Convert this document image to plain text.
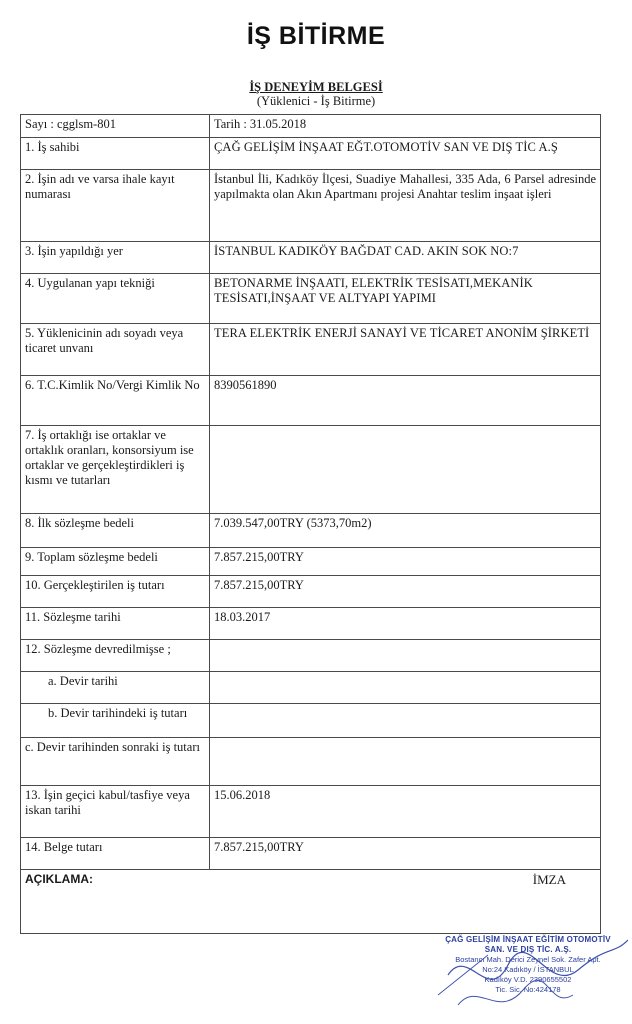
İŞ BİTİRME
İŞ DENEYİM BELGESİ
(Yüklenici - İş Bitirme)
Sayı : cgglsm-801	Tarih : 31.05.2018
1. İş sahibi	ÇAĞ GELİŞİM İNŞAAT EĞT.OTOMOTİV SAN VE DIŞ TİC A.Ş
2. İşin adı ve varsa ihale kayıt numarası	İstanbul İli, Kadıköy İlçesi, Suadiye Mahallesi, 335 Ada, 6 Parsel adresinde yapılmakta olan Akın Apartmanı projesi Anahtar teslim inşaat işleri
3. İşin yapıldığı yer	İSTANBUL KADIKÖY BAĞDAT CAD. AKIN SOK NO:7
4. Uygulanan yapı tekniği	BETONARME İNŞAATI, ELEKTRİK TESİSATI,MEKANİK TESİSATI,İNŞAAT VE ALTYAPI YAPIMI
5. Yüklenicinin adı soyadı veya ticaret unvanı	TERA ELEKTRİK ENERJİ SANAYİ VE TİCARET ANONİM ŞİRKETİ
6. T.C.Kimlik No/Vergi Kimlik No	8390561890
7. İş ortaklığı ise ortaklar ve ortaklık oranları, konsorsiyum ise ortaklar ve gerçekleştirdikleri iş kısmı ve tutarları	
8. İlk sözleşme bedeli	7.039.547,00TRY (5373,70m2)
9. Toplam sözleşme bedeli	7.857.215,00TRY
10. Gerçekleştirilen iş tutarı	7.857.215,00TRY
11. Sözleşme tarihi	18.03.2017
12. Sözleşme devredilmişse ;	
a. Devir tarihi	
b. Devir tarihindeki iş tutarı	
c. Devir tarihinden sonraki iş tutarı	
13. İşin geçici kabul/tasfiye veya iskan tarihi	15.06.2018
14. Belge tutarı	7.857.215,00TRY
AÇIKLAMA: İMZA	
ÇAĞ GELİŞİM İNŞAAT EĞİTİM OTOMOTİV
SAN. VE DIŞ TİC. A.Ş.
Bostancı Mah. Derici Zeynel Sok. Zafer Apt.
No:24 Kadıköy / İSTANBUL
Kadıköy V.D. 2390655502
Tic. Sic. No:424178
